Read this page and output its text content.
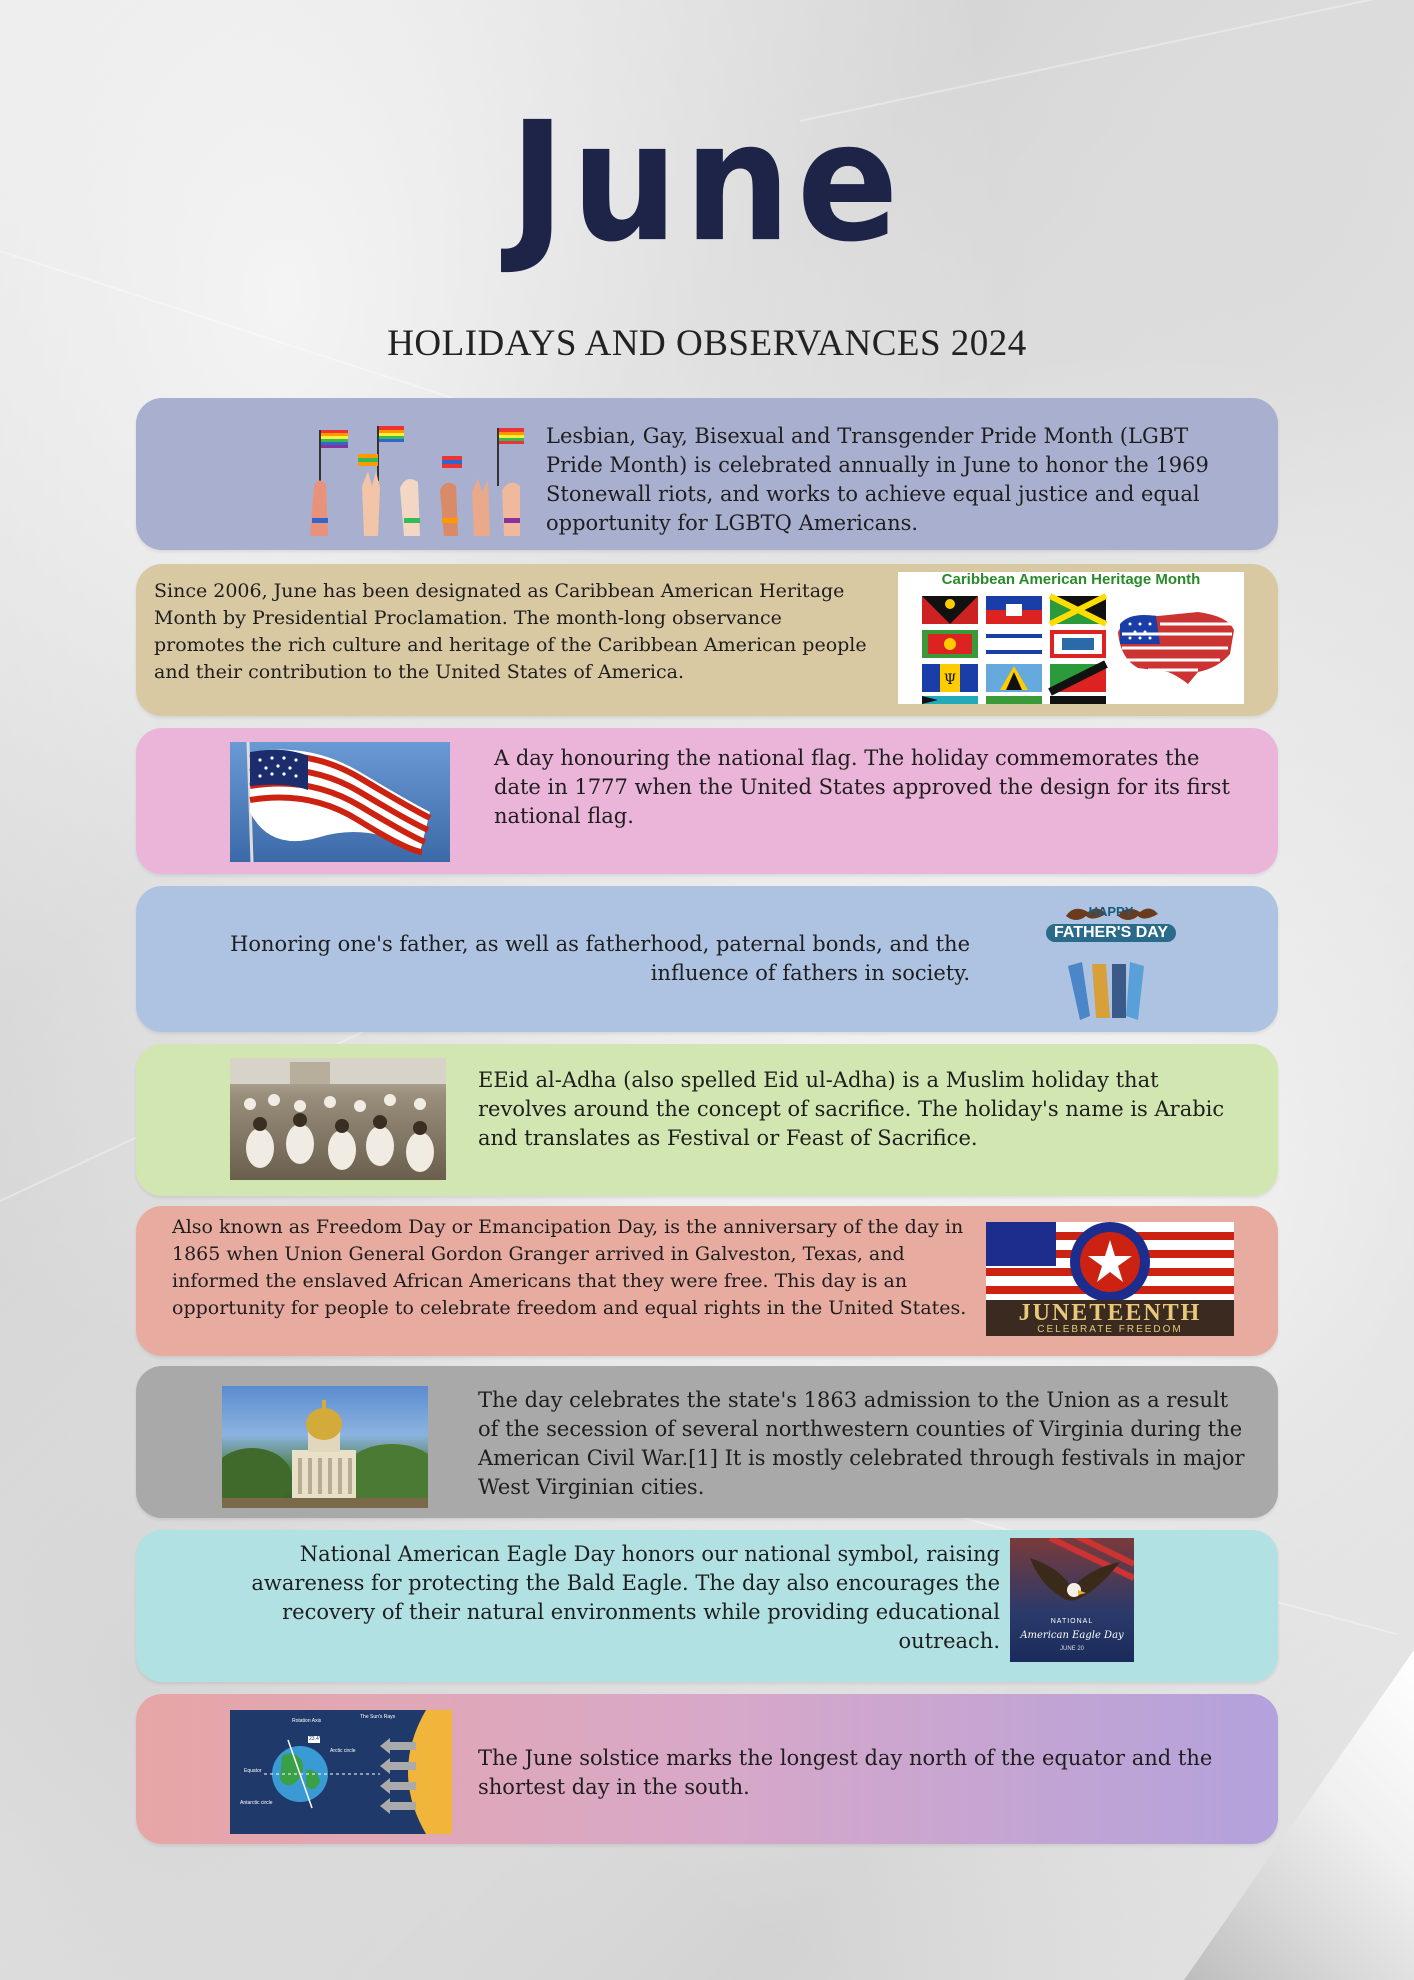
June
HOLIDAYS AND OBSERVANCES 2024
Lesbian, Gay, Bisexual and Transgender Pride Month (LGBT Pride Month) is celebrated annually in June to honor the 1969 Stonewall riots, and works to achieve equal justice and equal opportunity for LGBTQ Americans.
Since 2006, June has been designated as Caribbean American Heritage Month by Presidential Proclamation. The month-long observance promotes the rich culture and heritage of the Caribbean American people and their contribution to the United States of America.
Caribbean American Heritage Month
Ψ
A day honouring the national flag. The holiday commemorates the date in 1777 when the United States approved the design for its first national flag.
Honoring one's father, as well as fatherhood, paternal bonds, and the influence of fathers in society.
HAPPY
FATHER'S DAY
EEid al-Adha (also spelled Eid ul-Adha) is a Muslim holiday that revolves around the concept of sacrifice. The holiday's name is Arabic and translates as Festival or Feast of Sacrifice.
Also known as Freedom Day or Emancipation Day, is the anniversary of the day in 1865 when Union General Gordon Granger arrived in Galveston, Texas, and informed the enslaved African Americans that they were free. This day is an opportunity for people to celebrate freedom and equal rights in the United States.	JUNETEENTH
CELEBRATE FREEDOM
The day celebrates the state's 1863 admission to the Union as a result of the secession of several northwestern counties of Virginia during the American Civil War.[1] It is mostly celebrated through festivals in major West Virginian cities.
National American Eagle Day honors our national symbol, raising awareness for protecting the Bald Eagle. The day also encourages the recovery of their natural environments while providing educational outreach.
NATIONAL
American Eagle Day
JUNE 20
Rotation Axis
The Sun's Rays
Arctic circle
Equator
Antarctic circle
23.4°
The June solstice marks the longest day north of the equator and the shortest day in the south.
